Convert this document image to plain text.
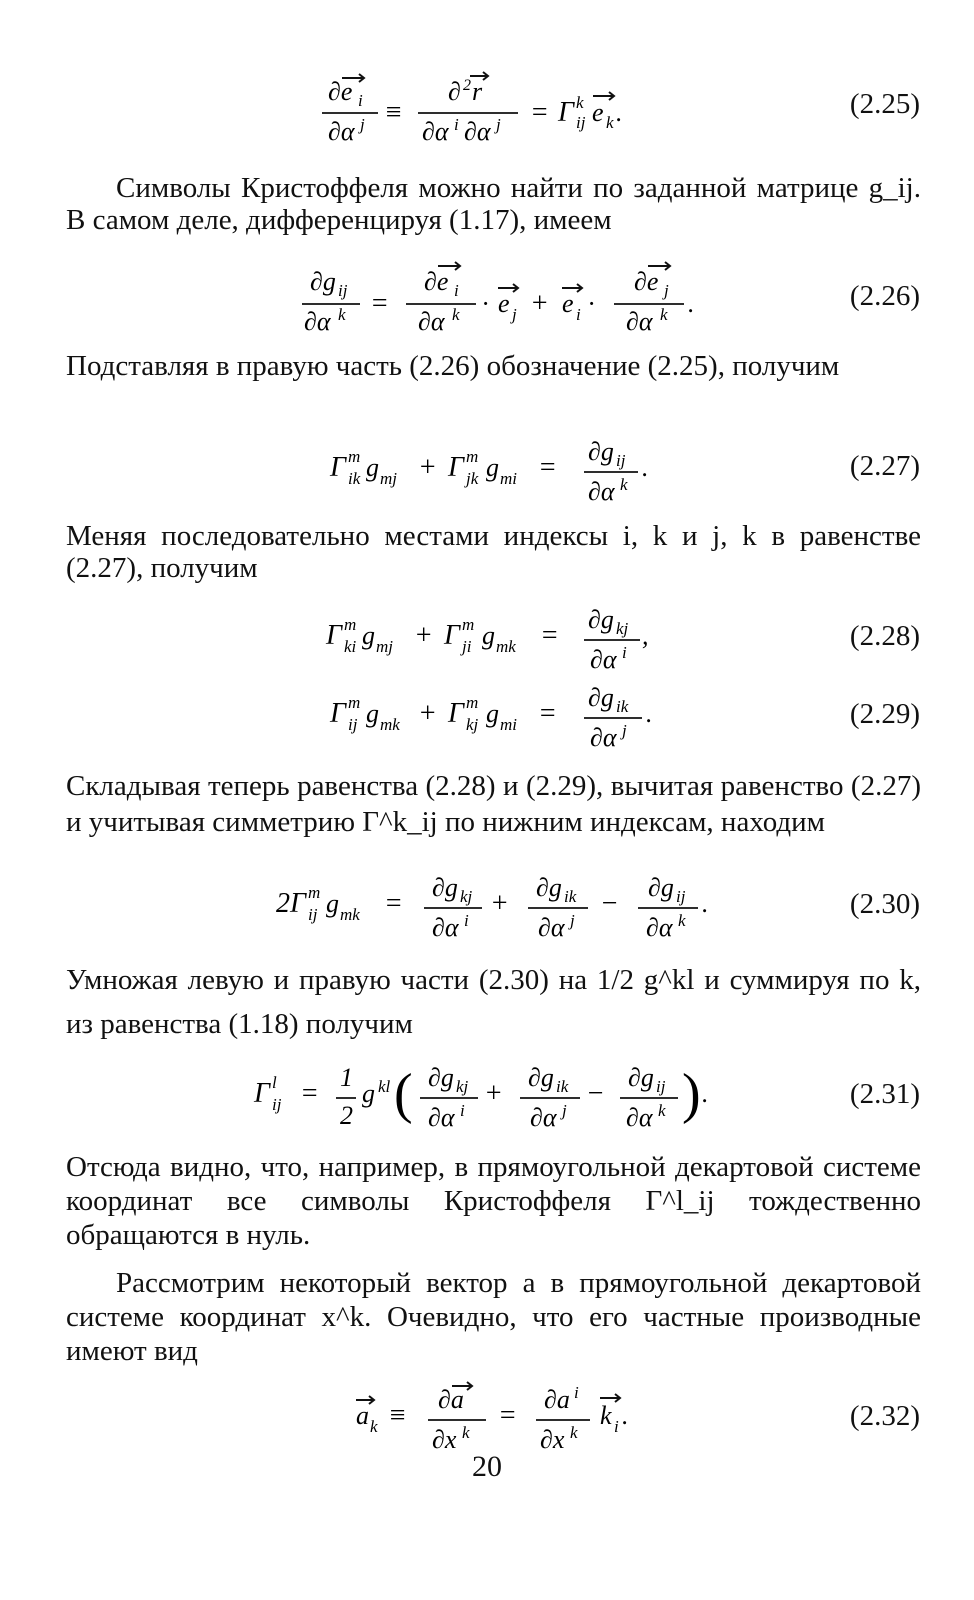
∂e i
∂α j ≡
∂ 2 r
∂α i ∂α j = Γ k
ij e k .	(2.25)

Символы Кристоффеля можно найти по заданной матрице g_ij. В самом деле, дифференцируя (1.17), имеем

∂g ij
∂α k =
∂e i
∂α k · e j + e i ·
∂e j
∂α k .	(2.26)

Подставляя в правую часть (2.26) обозначение (2.25), получим

Γ m
ik g mj + Γ m
jk g mi =
∂g ij
∂α k
.	(2.27)

Меняя последовательно местами индексы i, k и j, k в равенстве (2.27), получим

Γ m
ki g mj + Γ m
ji g mk =
∂g kj
∂α i
,	(2.28)
Γ m
ij g mk + Γ m
kj g mi =
∂g ik
∂α j
.	(2.29)

Складывая теперь равенства (2.28) и (2.29), вычитая равенство (2.27) и учитывая симметрию Γ^k_ij по нижним индексам, находим

2Γ m
ij g mk =
∂g kj
∂α i
+
∂g ik
∂α j
−
∂g ij
∂α k
.	(2.30)

Умножая левую и правую части (2.30) на 1/2 g^kl и суммируя по k, из равенства (1.18) получим

Γ l
ij =
1
2
g kl ( ∂g kj
∂α i
+
∂g ik
∂α j
−
∂g ij
∂α k ) .	(2.31)

Отсюда видно, что, например, в прямоугольной декартовой системе координат все символы Кристоффеля Γ^l_ij тождественно обращаются в нуль.

Рассмотрим некоторый вектор a в прямоугольной декартовой системе координат x^k. Очевидно, что его частные производные имеют вид

a k ≡
∂a
∂x k
=
∂a i
∂x k
k i .	(2.32)
20
